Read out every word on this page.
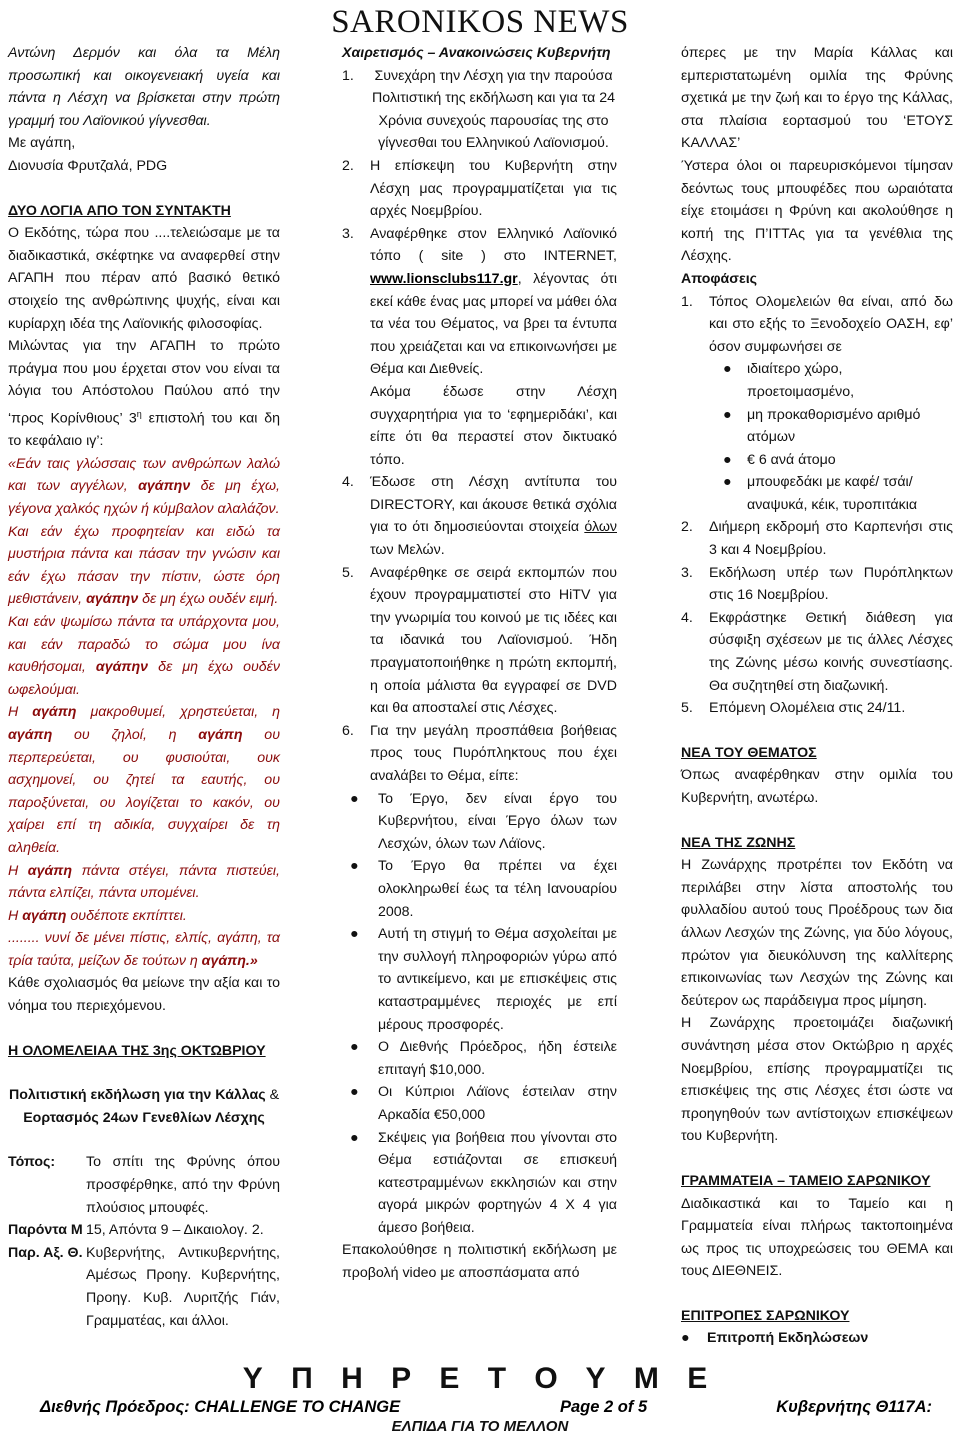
SARONIKOS NEWS

Αντώνη Δερμόν και όλα τα Μέλη προσωπική και οικογενειακή υγεία και πάντα η Λέσχη να βρίσκεται στην πρώτη γραμμή του Λαϊονικού γίγνεσθαι.

Με αγάπη,

Διονυσία Φρυτζαλά, PDG

ΔΥΟ ΛΟΓΙΑ ΑΠΟ ΤΟΝ ΣΥΝΤΑΚΤΗ

Ο Εκδότης, τώρα που ....τελειώσαμε με τα διαδικαστικά, σκέφτηκε να αναφερθεί στην ΑΓΑΠΗ που πέραν από βασικό θετικό στοιχείο της ανθρώπινης ψυχής, είναι και κυρίαρχη ιδέα της Λαϊονικής φιλοσοφίας.

Μιλώντας για την ΑΓΑΠΗ το πρώτο πράγμα που μου έρχεται στον νου είναι τα λόγια του Απόστολου Παύλου από την ‘προς Κορίνθιους’ $3^\eta$ επιστολή του και δη το κεφάλαιο ιγ’:

«Εάν ταις γλώσσαις των ανθρώπων λαλώ και των αγγέλων, αγάπην δε μη έχω, γέγονα χαλκός ηχών ή κύμβαλον αλαλάζον.

Και εάν έχω προφητείαν και ειδώ τα μυστήρια πάντα και πάσαν την γνώσιν και εάν έχω πάσαν την πίστιν, ώστε όρη μεθιστάνειν, αγάπην δε μη έχω ουδέν ειμή.

Και εάν ψωμίσω πάντα τα υπάρχοντα μου, και εάν παραδώ το σώμα μου ίνα καυθήσομαι, αγάπην δε μη έχω ουδέν ωφελούμαι.

Η αγάπη μακροθυμεί, χρηστεύεται, η αγάπη ου ζηλοί, η αγάπη ου περπερεύεται, ου φυσιούται, ουκ ασχημονεί, ου ζητεί τα εαυτής, ου παροξύνεται, ου λογίζεται το κακόν, ου χαίρει επί τη αδικία, συγχαίρει δε τη αληθεία.

Η αγάπη πάντα στέγει, πάντα πιστεύει, πάντα ελπίζει, πάντα υπομένει.

Η αγάπη ουδέποτε εκπίπτει.

........ νυνί δε μένει πίστις, ελπίς, αγάπη, τα τρία ταύτα, μείζων δε τούτων η αγάπη.»

Κάθε σχολιασμός θα μείωνε την αξία και το νόημα του περιεχόμενου.

Η ΟΛΟΜΕΛΕΙΑΑ ΤΗΣ 3ης ΟΚΤΩΒΡΙΟΥ

Πολιτιστική εκδήλωση για την Κάλλας &

Εορτασμός 24ων Γενεθλίων Λέσχης

Τόπος:	Το σπίτι της Φρύνης όπου προσφέρθηκε, από την Φρύνη πλούσιος μπουφές.
Παρόντα Μ 15, Απόντα 9 – Δικαιολογ. 2.
Παρ. Αξ. Θ. Κυβερνήτης, Αντικυβερνήτης, Αμέσως Προηγ. Κυβερνήτης, Προηγ. Κυβ. Λυριτζής Γιάν, Γραμματέας, και άλλοι.

Χαιρετισμός – Ανακοινώσεις Κυβερνήτη

1.	Συνεχάρη την Λέσχη για την παρούσα Πολιτιστική της εκδήλωση και για τα 24 Χρόνια συνεχούς παρουσίας της στο γίγνεσθαι του Ελληνικού Λαϊονισμού.
2.	Η επίσκεψη του Κυβερνήτη στην Λέσχη μας προγραμματίζεται για τις αρχές Νοεμβρίου.
3.	Αναφέρθηκε στον Ελληνικό Λαϊονικό τόπο ( site ) στο INTERNET, www.lionsclubs117.gr, λέγοντας ότι εκεί κάθε ένας μας μπορεί να μάθει όλα τα νέα του Θέματος, να βρει τα έντυπα που χρειάζεται και να επικοινωνήσει με Θέμα και Διεθνείς.
Ακόμα έδωσε στην Λέσχη συγχαρητήρια για το ‘εφημεριδάκι’, και είπε ότι θα περαστεί στον δικτυακό τόπο.
4.	Έδωσε στη Λέσχη αντίτυπα του DIRECTORY, και άκουσε θετικά σχόλια για το ότι δημοσιεύονται στοιχεία όλων των Μελών.
5.	Αναφέρθηκε σε σειρά εκπομπών που έχουν προγραμματιστεί στο HiTV για την γνωριμία του κοινού με τις ιδέες και τα ιδανικά του Λαϊονισμού. Ήδη πραγματοποιήθηκε η πρώτη εκπομπή, η οποία μάλιστα θα εγγραφεί σε DVD και θα αποσταλεί στις Λέσχες.
6.	Για την μεγάλη προσπάθεια βοήθειας προς τους Πυρόπληκτους που έχει αναλάβει το Θέμα, είπε:
●	Το Έργο, δεν είναι έργο του Κυβερνήτου, είναι Έργο όλων των Λεσχών, όλων των Λάϊονς.
●	Το Έργο θα πρέπει να έχει ολοκληρωθεί έως τα τέλη Ιανουαρίου 2008.
●	Αυτή τη στιγμή το Θέμα ασχολείται με την συλλογή πληροφοριών γύρω από το αντικείμενο, και με επισκέψεις στις καταστραμμένες περιοχές με επί μέρους προσφορές.
●	Ο Διεθνής Πρόεδρος, ήδη έστειλε επιταγή $10,000.
●	Οι Κύπριοι Λάϊονς έστειλαν στην Αρκαδία €50,000
●	Σκέψεις για βοήθεια που γίνονται στο Θέμα εστιάζονται σε επισκευή κατεστραμμένων εκκλησιών και στην αγορά μικρών φορτηγών 4 Χ 4 για άμεσο βοήθεια.

Επακολούθησε η πολιτιστική εκδήλωση με προβολή video με αποσπάσματα από

όπερες με την Μαρία Κάλλας και εμπεριστατωμένη ομιλία της Φρύνης σχετικά με την ζωή και το έργο της Κάλλας, στα πλαίσια εορτασμού του ‘ΕΤΟΥΣ ΚΑΛΛΑΣ’

Ύστερα όλοι οι παρευρισκόμενοι τίμησαν δεόντως τους μπουφέδες που ωραιότατα είχε ετοιμάσει η Φρύνη και ακολούθησε η κοπή της Π’ΙΤΤΑς για τα γενέθλια της Λέσχης.

Αποφάσεις

1.	Τόπος Ολομελειών θα είναι, από δω και στο εξής το Ξενοδοχείο ΟΑΣΗ, εφ’ όσον συμφωνήσει σε
●	ιδιαίτερο χώρο, προετοιμασμένο,
●	μη προκαθορισμένο αριθμό ατόμων
●	€ 6 ανά άτομο
●	μπουφεδάκι με καφέ/ τσάι/ αναψυκά, κέικ, τυροπιτάκια
2.	Διήμερη εκδρομή στο Καρπενήσι στις 3 και 4 Νοεμβρίου.
3.	Εκδήλωση υπέρ των Πυρόπληκτων στις 16 Νοεμβρίου.
4.	Εκφράστηκε Θετική διάθεση για σύσφιξη σχέσεων με τις άλλες Λέσχες της Ζώνης μέσω κοινής συνεστίασης. Θα συζητηθεί στη διαζωνική.
5.	Επόμενη Ολομέλεια στις 24/11.

ΝΕΑ ΤΟΥ ΘΕΜΑΤΟΣ

Όπως αναφέρθηκαν στην ομιλία του Κυβερνήτη, ανωτέρω.

ΝΕΑ ΤΗΣ ΖΩΝΗΣ

Η Ζωνάρχης προτρέπει τον Εκδότη να περιλάβει στην λίστα αποστολής του φυλλαδίου αυτού τους Προέδρους των δια άλλων Λεσχών της Ζώνης, για δύο λόγους, πρώτον για διευκόλυνση της καλλίτερης επικοινωνίας των Λεσχών της Ζώνης και δεύτερον ως παράδειγμα προς μίμηση.

Η Ζωνάρχης προετοιμάζει διαζωνική συνάντηση μέσα στον Οκτώβριο η αρχές Νοεμβρίου, επίσης προγραμματίζει τις επισκέψεις της στις Λέσχες έτσι ώστε να προηγηθούν των αντίστοιχων επισκέψεων του Κυβερνήτη.

ΓΡΑΜΜΑΤΕΙΑ – ΤΑΜΕΙΟ ΣΑΡΩΝΙΚΟΥ

Διαδικαστικά και το Ταμείο και η Γραμματεία είναι πλήρως τακτοποιημένα ως προς τις υποχρεώσεις του ΘΕΜΑ και τους ΔΙΕΘΝΕΙΣ.

ΕΠΙΤΡΟΠΕΣ ΣΑΡΩΝΙΚΟΥ

●	Επιτροπή Εκδηλώσεων
Υ Π Η Ρ Ε Τ Ο Υ Μ Ε
Διεθνής Πρόεδρος: CHALLENGE TO CHANGE	Page 2 of 5	Κυβερνήτης Θ117Α:
ΕΛΠΙΔΑ ΓΙΑ ΤΟ ΜΕΛΛΟΝ
